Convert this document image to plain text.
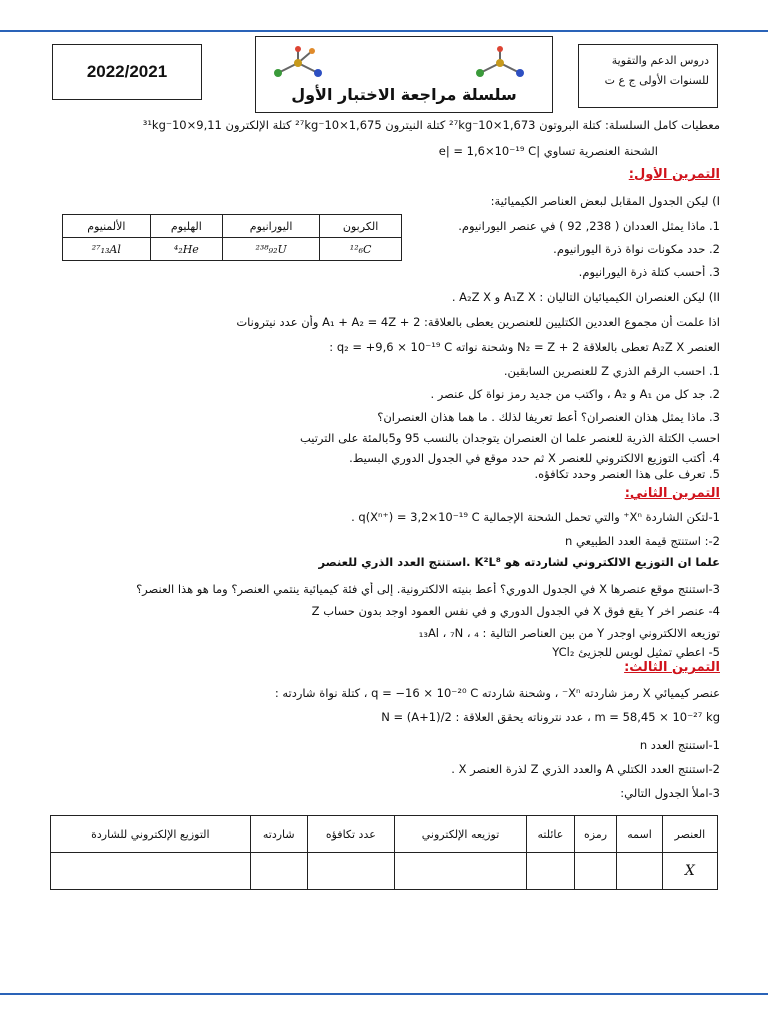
2022/2021
سلسلة مراجعة الاختبار الأول
دروس الدعم والتقوية
للسنوات الأولى ج ع ت
معطيات كامل السلسلة: كتلة البروتون 1,673×10⁻²⁷kg كتلة النيترون 1,675×10⁻²⁷kg كتلة الإلكترون 9,11×10⁻³¹kg
الشحنة العنصرية تساوي |e| = 1,6×10⁻¹⁹ C
التمرين الأول:
I) ليكن الجدول المقابل لبعض العناصر الكيميائية:
الألمنيوم	الهليوم	اليورانيوم	الكربون
²⁷₁₃Al	⁴₂He	²³⁸₉₂U	¹²₆C
1. ماذا يمثل العددان ( 238, 92 ) في عنصر اليورانيوم.
2. حدد مكونات نواة ذرة اليورانيوم.
3. أحسب كتلة ذرة اليورانيوم.
II) ليكن العنصران الكيميائيان التاليان : A₁Z X و A₂Z X .
اذا علمت أن مجموع العددين الكتليين للعنصرين يعطى بالعلاقة: A₁ + A₂ = 4Z + 2 وأن عدد نيترونات
العنصر A₂Z X تعطى بالعلاقة N₂ = Z + 2 وشحنة نواته q₂ = +9,6 × 10⁻¹⁹ C :
1. احسب الرقم الذري Z للعنصرين السابقين.
2. جد كل من A₁ و A₂ ، واكتب من جديد رمز نواة كل عنصر .
3. ماذا يمثل هذان العنصران؟ أعط تعريفا لذلك . ما هما هذان العنصران؟
احسب الكتلة الذرية للعنصر علما ان العنصران يتوجدان بالنسب 95 و5بالمئة على الترتيب
4. أكتب التوزيع الالكتروني للعنصر X ثم حدد موقع في الجدول الدوري البسيط.
5. تعرف على هذا العنصر وحدد تكافؤه.
التمرين الثاني:
1-لتكن الشاردة Xⁿ⁺ والتي تحمل الشحنة الإجمالية q(Xⁿ⁺) = 3,2×10⁻¹⁹ C .
2-: استنتج قيمة العدد الطبيعي n
علما ان التوزيع الالكتروني لشاردته هو K²L⁸ .استنتج العدد الذري للعنصر
3-استنتج موقع عنصرها X في الجدول الدوري؟ أعط بنيته الالكترونية. إلى أي فئة كيميائية ينتمي العنصر؟ وما هو هذا العنصر؟
4- عنصر اخر Y يقع فوق X في الجدول الدوري و في نفس العمود اوجد بدون حساب Z
توزيعه الالكتروني اوجدر Y من بين العناصر التالية : ₁₃Al ، ₇N ، ₄
5- اعطي تمثيل لويس للجزيئ YCl₂
التمرين الثالث:
عنصر كيميائي X رمز شاردته Xⁿ⁻ ، وشحنة شاردته q = −16 × 10⁻²⁰ C ، كتلة نواة شاردته :
m = 58,45 × 10⁻²⁷ kg ، عدد نتروناته يحقق العلاقة : N = (A+1)/2
1-استنتج العدد n
2-استنتج العدد الكتلي A والعدد الذري Z لذرة العنصر X .
3-املأ الجدول التالي:
العنصر	اسمه	رمزه	عائلته	توزيعه الإلكتروني	عدد تكافؤه	شاردته	التوزيع الإلكتروني للشاردة
X							
